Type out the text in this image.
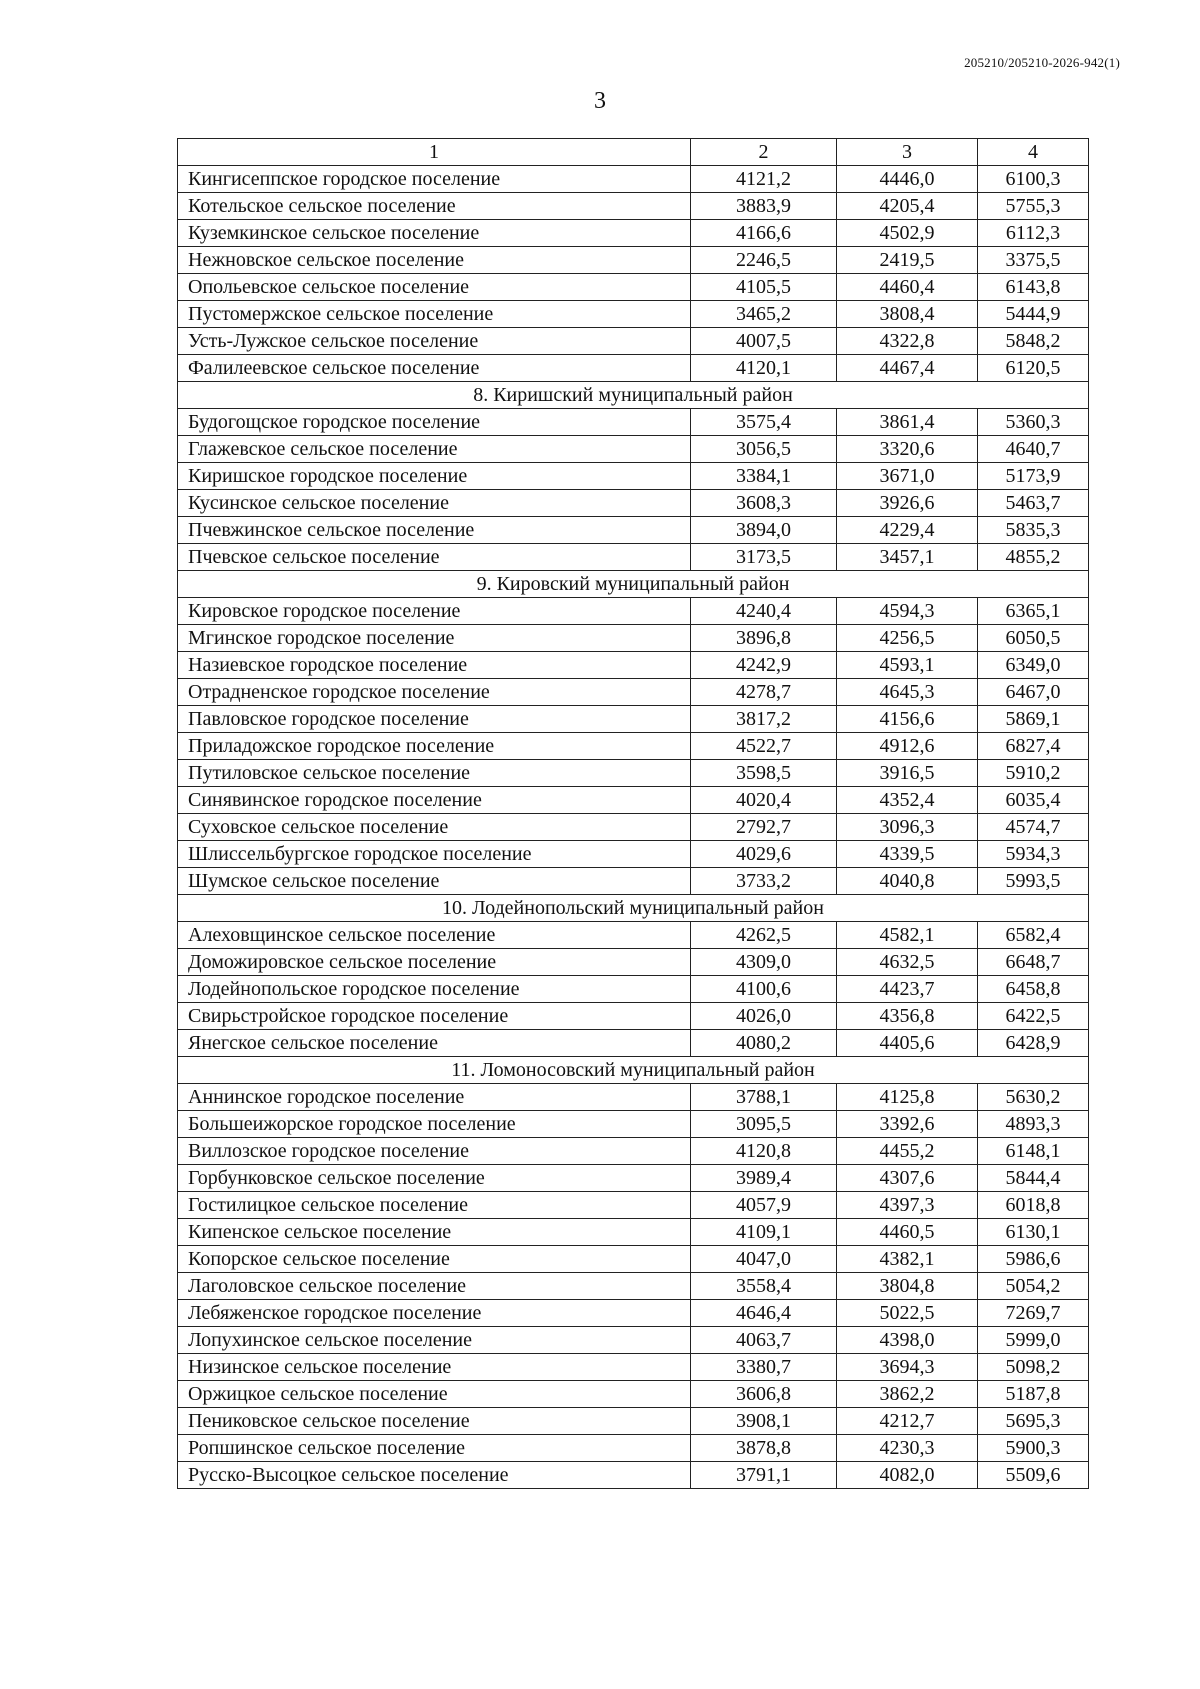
205210/205210-2026-942(1)
3
1	2	3	4
Кингисеппское городское поселение	4121,2	4446,0	6100,3
Котельское сельское поселение	3883,9	4205,4	5755,3
Куземкинское сельское поселение	4166,6	4502,9	6112,3
Нежновское сельское поселение	2246,5	2419,5	3375,5
Опольевское сельское поселение	4105,5	4460,4	6143,8
Пустомержское сельское поселение	3465,2	3808,4	5444,9
Усть-Лужское сельское поселение	4007,5	4322,8	5848,2
Фалилеевское сельское поселение	4120,1	4467,4	6120,5
8. Киришский муниципальный район			
Будогощское городское поселение	3575,4	3861,4	5360,3
Глажевское сельское поселение	3056,5	3320,6	4640,7
Киришское городское поселение	3384,1	3671,0	5173,9
Кусинское сельское поселение	3608,3	3926,6	5463,7
Пчевжинское сельское поселение	3894,0	4229,4	5835,3
Пчевское сельское поселение	3173,5	3457,1	4855,2
9. Кировский муниципальный район			
Кировское городское поселение	4240,4	4594,3	6365,1
Мгинское городское поселение	3896,8	4256,5	6050,5
Назиевское городское поселение	4242,9	4593,1	6349,0
Отрадненское городское поселение	4278,7	4645,3	6467,0
Павловское городское поселение	3817,2	4156,6	5869,1
Приладожское городское поселение	4522,7	4912,6	6827,4
Путиловское сельское поселение	3598,5	3916,5	5910,2
Синявинское городское поселение	4020,4	4352,4	6035,4
Суховское сельское поселение	2792,7	3096,3	4574,7
Шлиссельбургское городское поселение	4029,6	4339,5	5934,3
Шумское сельское поселение	3733,2	4040,8	5993,5
10. Лодейнопольский муниципальный район			
Алеховщинское сельское поселение	4262,5	4582,1	6582,4
Доможировское сельское поселение	4309,0	4632,5	6648,7
Лодейнопольское городское поселение	4100,6	4423,7	6458,8
Свирьстройское городское поселение	4026,0	4356,8	6422,5
Янегское сельское поселение	4080,2	4405,6	6428,9
11. Ломоносовский муниципальный район			
Аннинское городское поселение	3788,1	4125,8	5630,2
Большеижорское городское поселение	3095,5	3392,6	4893,3
Виллозское городское поселение	4120,8	4455,2	6148,1
Горбунковское сельское поселение	3989,4	4307,6	5844,4
Гостилицкое сельское поселение	4057,9	4397,3	6018,8
Кипенское сельское поселение	4109,1	4460,5	6130,1
Копорское сельское поселение	4047,0	4382,1	5986,6
Лаголовское сельское поселение	3558,4	3804,8	5054,2
Лебяженское городское поселение	4646,4	5022,5	7269,7
Лопухинское сельское поселение	4063,7	4398,0	5999,0
Низинское сельское поселение	3380,7	3694,3	5098,2
Оржицкое сельское поселение	3606,8	3862,2	5187,8
Пениковское сельское поселение	3908,1	4212,7	5695,3
Ропшинское сельское поселение	3878,8	4230,3	5900,3
Русско-Высоцкое сельское поселение	3791,1	4082,0	5509,6
